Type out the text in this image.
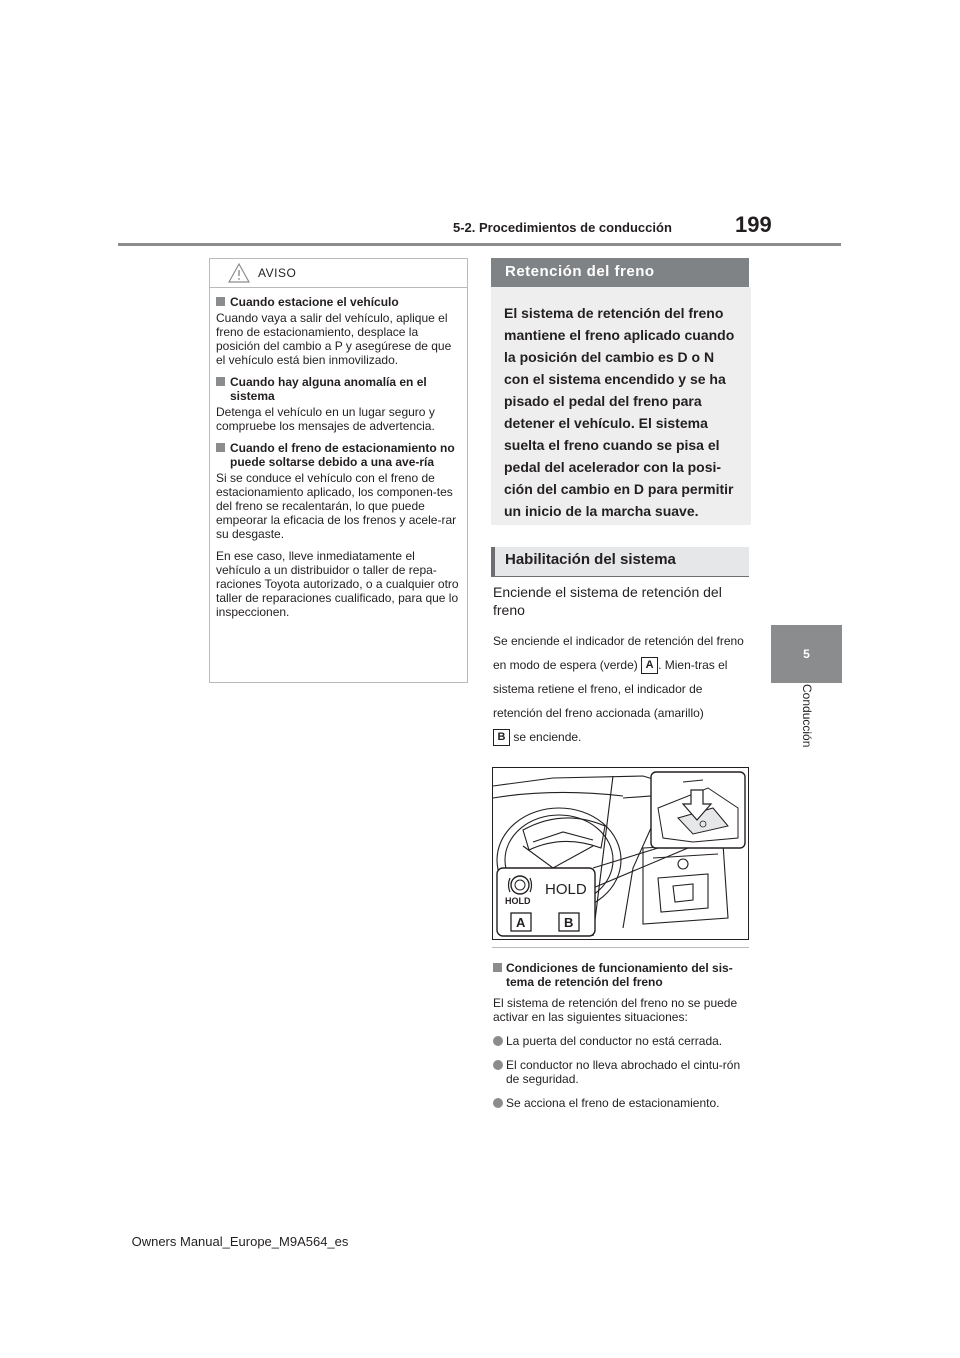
5-2. Procedimientos de conducción	199
5
Conducción
AVISO
Cuando estacione el vehículo
Cuando vaya a salir del vehículo, aplique el freno de estacionamiento, desplace la posición del cambio a P y asegúrese de que el vehículo está bien inmovilizado.
Cuando hay alguna anomalía en el sistema
Detenga el vehículo en un lugar seguro y compruebe los mensajes de advertencia.
Cuando el freno de estacionamiento no puede soltarse debido a una ave-ría
Si se conduce el vehículo con el freno de estacionamiento aplicado, los componen-tes del freno se recalentarán, lo que puede empeorar la eficacia de los frenos y acele-rar su desgaste.
En ese caso, lleve inmediatamente el vehículo a un distribuidor o taller de repa-raciones Toyota autorizado, o a cualquier otro taller de reparaciones cualificado, para que lo inspeccionen.
Retención del freno
El sistema de retención del freno mantiene el freno aplicado cuando la posición del cambio es D o N con el sistema encendido y se ha pisado el pedal del freno para detener el vehículo. El sistema suelta el freno cuando se pisa el pedal del acelerador con la posi-ción del cambio en D para permitir un inicio de la marcha suave.
Habilitación del sistema
Enciende el sistema de retención del freno
Se enciende el indicador de retención del freno en modo de espera (verde) A . Mien-tras el sistema retiene el freno, el indicador de retención del freno accionada (amarillo)
B se enciende.
HOLD
HOLD
A	B
Condiciones de funcionamiento del sis-tema de retención del freno
El sistema de retención del freno no se puede activar en las siguientes situaciones:
La puerta del conductor no está cerrada.
El conductor no lleva abrochado el cintu-rón de seguridad.
Se acciona el freno de estacionamiento.
Owners Manual_Europe_M9A564_es
